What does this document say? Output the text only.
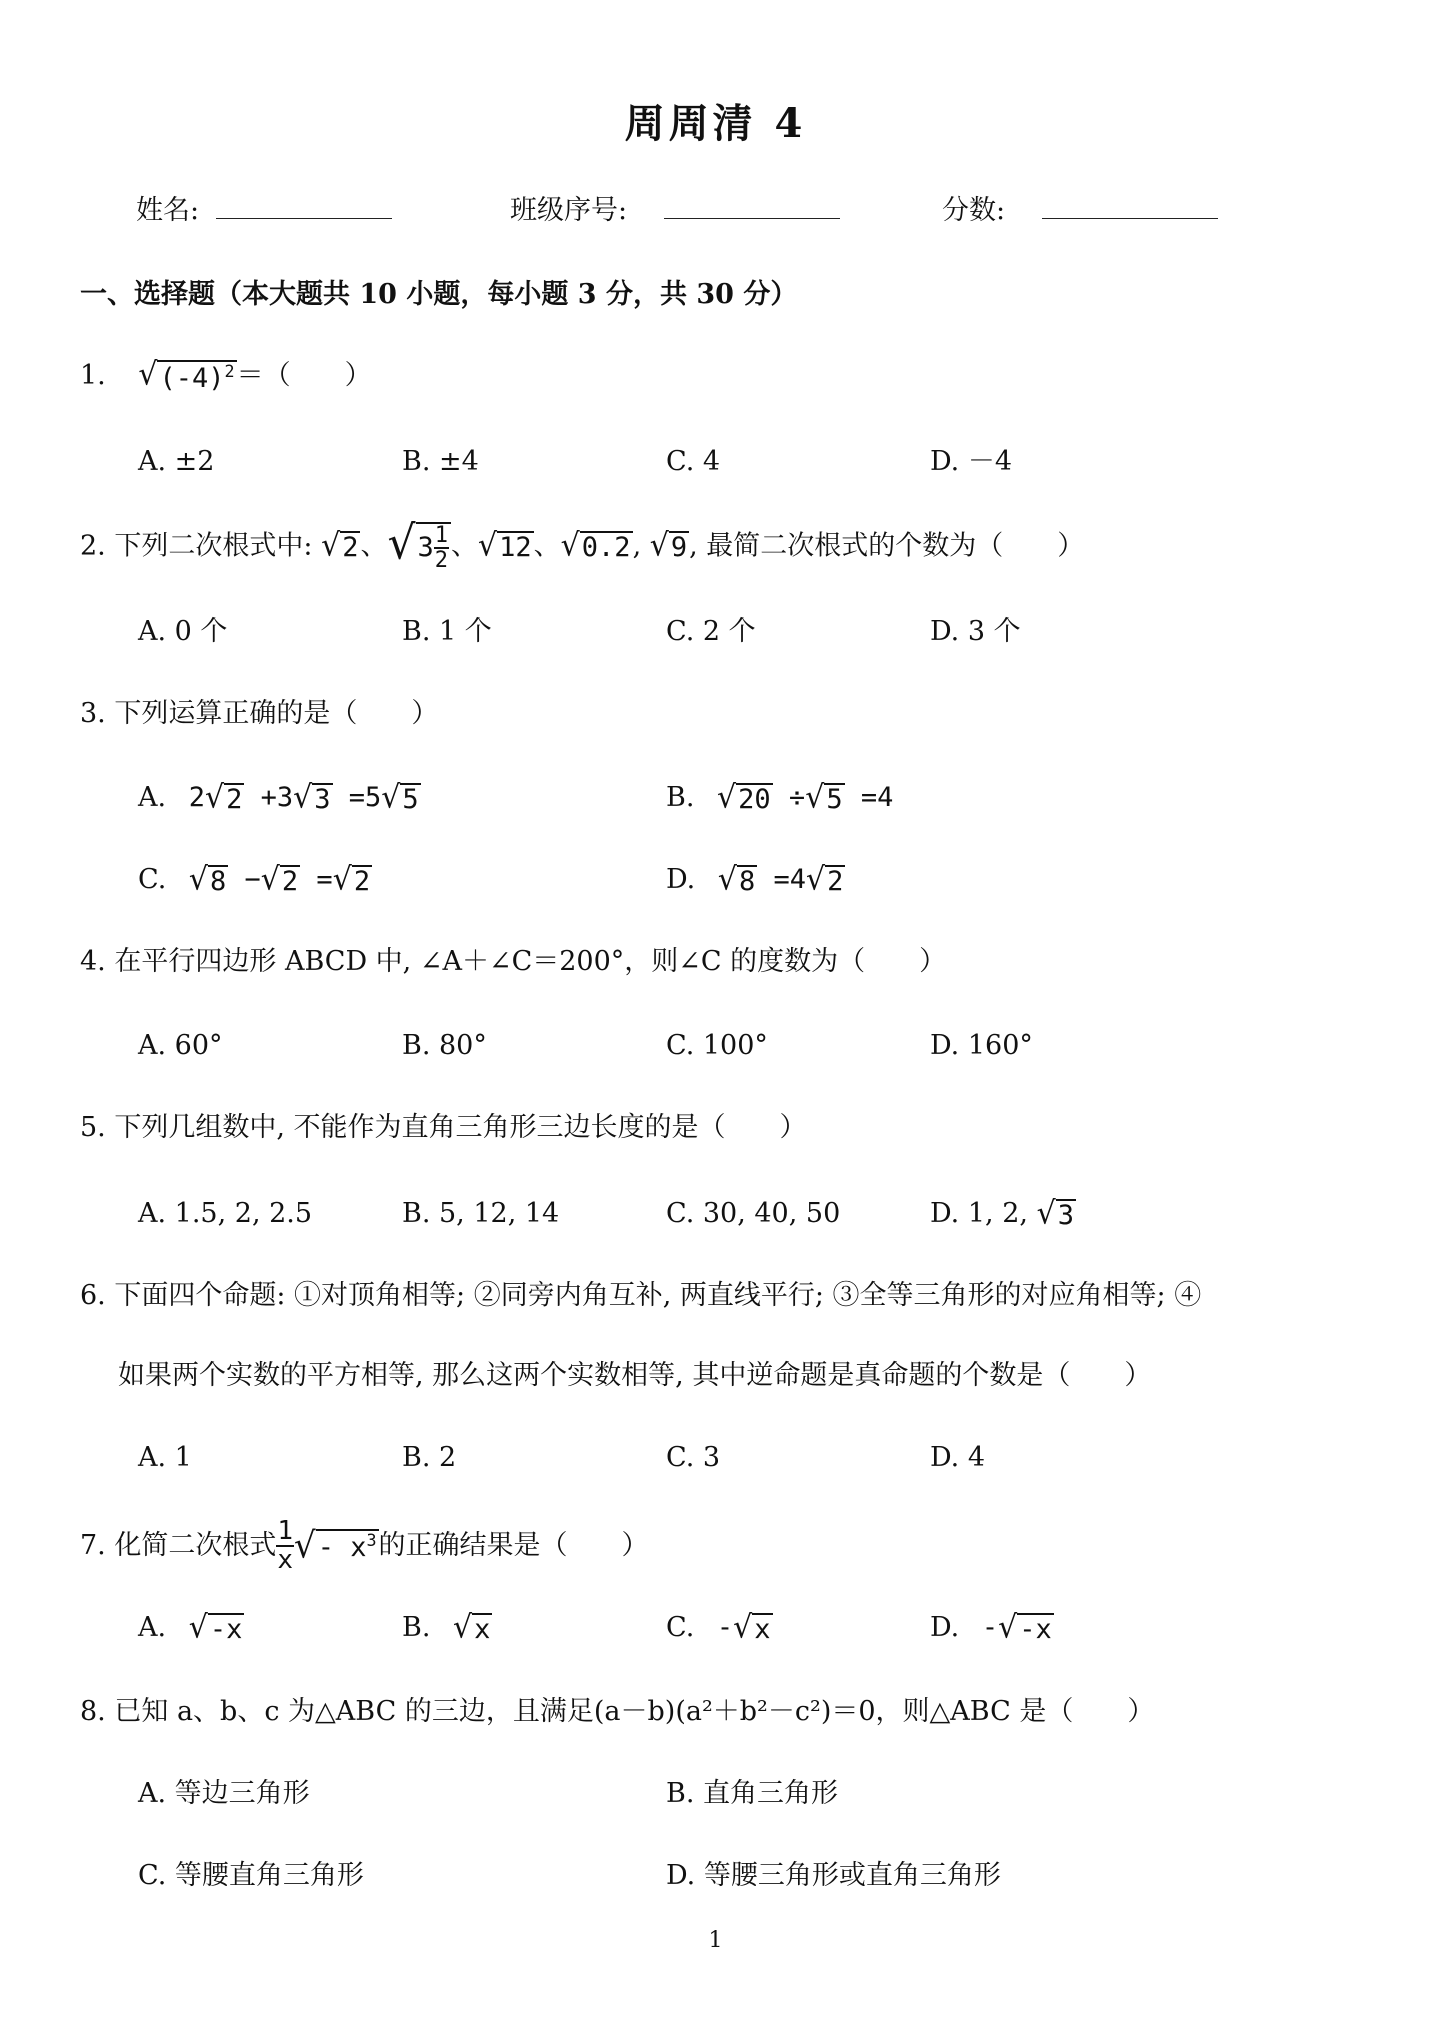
周周清 4
姓名:	班级序号:	分数:
一、选择题（本大题共 10 小题，每小题 3 分，共 30 分）
1. √ $(-4)^2$ ＝（　　）
A. ±2	B. ±4	C. 4	D. －4
2. 下列二次根式中: √ 2 、 √ $3 \frac{1}{2}$ 、 √ 12 、 √ 0.2 , √ 9 , 最简二次根式的个数为（　　）
A. 0 个	B. 1 个	C. 2 个	D. 3 个
3. 下列运算正确的是（　　）
A. 2 √ 2 +3 √ 3 =5 √ 5	B. √ 20 ÷ √ 5 =4
C. √ 8 − √ 2 = √ 2	D. √ 8 =4 √ 2
4. 在平行四边形 ABCD 中, ∠A＋∠C＝200°，则∠C 的度数为（　　）
A. 60°	B. 80°	C. 100°	D. 160°
5. 下列几组数中, 不能作为直角三角形三边长度的是（　　）
A. 1.5, 2, 2.5	B. 5, 12, 14	C. 30, 40, 50	D. 1, 2, √ 3
6. 下面四个命题: ①对顶角相等; ②同旁内角互补, 两直线平行; ③全等三角形的对应角相等; ④
如果两个实数的平方相等, 那么这两个实数相等, 其中逆命题是真命题的个数是（　　）
A. 1	B. 2	C. 3	D. 4
7. 化简二次根式 $\frac{1}{x}$ √ - $x^3$ 的正确结果是（　　）
A. √ -x	B. √ x	C. - √ x	D. - √ -x
8. 已知 a、b、c 为△ABC 的三边，且满足(a－b)(a²＋b²－c²)＝0，则△ABC 是（　　）
A. 等边三角形	B. 直角三角形
C. 等腰直角三角形	D. 等腰三角形或直角三角形
1
